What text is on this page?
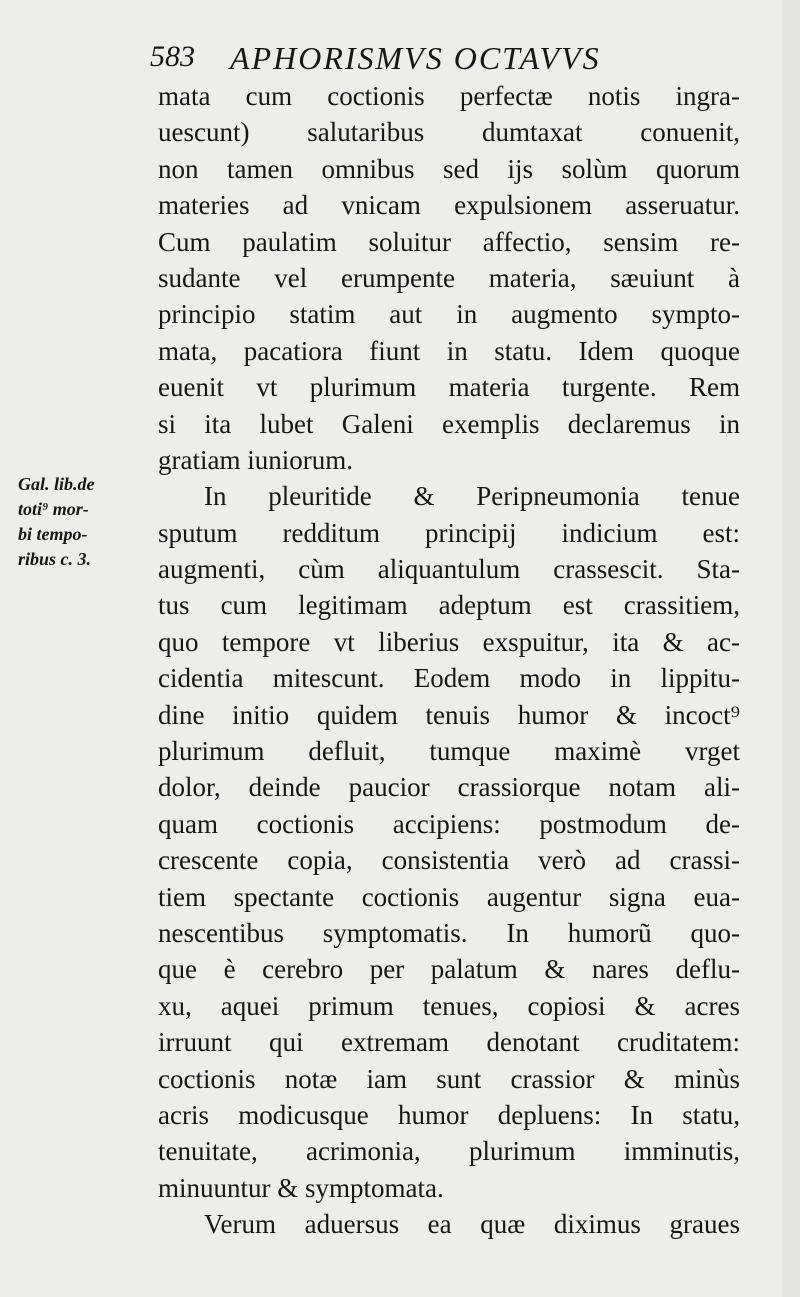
583 APHORISMVS OCTAVVS
Gal. lib.de
toti⁹ mor-
bi tempo-
ribus c. 3.
mata cum coctionis perfectæ notis ingra-
uescunt) salutaribus dumtaxat conuenit,
non tamen omnibus sed ijs solùm quorum
materies ad vnicam expulsionem asseruatur.
Cum paulatim soluitur affectio, sensim re-
sudante vel erumpente materia, sæuiunt à
principio statim aut in augmento sympto-
mata, pacatiora fiunt in statu. Idem quoque
euenit vt plurimum materia turgente. Rem
si ita lubet Galeni exemplis declaremus in
gratiam iuniorum.
In pleuritide & Peripneumonia tenue
sputum redditum principij indicium est:
augmenti, cùm aliquantulum crassescit. Sta-
tus cum legitimam adeptum est crassitiem,
quo tempore vt liberius exspuitur, ita & ac-
cidentia mitescunt. Eodem modo in lippitu-
dine initio quidem tenuis humor & incoct⁹
plurimum defluit, tumque maximè vrget
dolor, deinde paucior crassiorque notam ali-
quam coctionis accipiens: postmodum de-
crescente copia, consistentia verò ad crassi-
tiem spectante coctionis augentur signa eua-
nescentibus symptomatis. In humorũ quo-
que è cerebro per palatum & nares deflu-
xu, aquei primum tenues, copiosi & acres
irruunt qui extremam denotant cruditatem:
coctionis notæ iam sunt crassior & minùs
acris modicusque humor depluens: In statu,
tenuitate, acrimonia, plurimum imminutis,
minuuntur & symptomata.
Verum aduersus ea quæ diximus graues
